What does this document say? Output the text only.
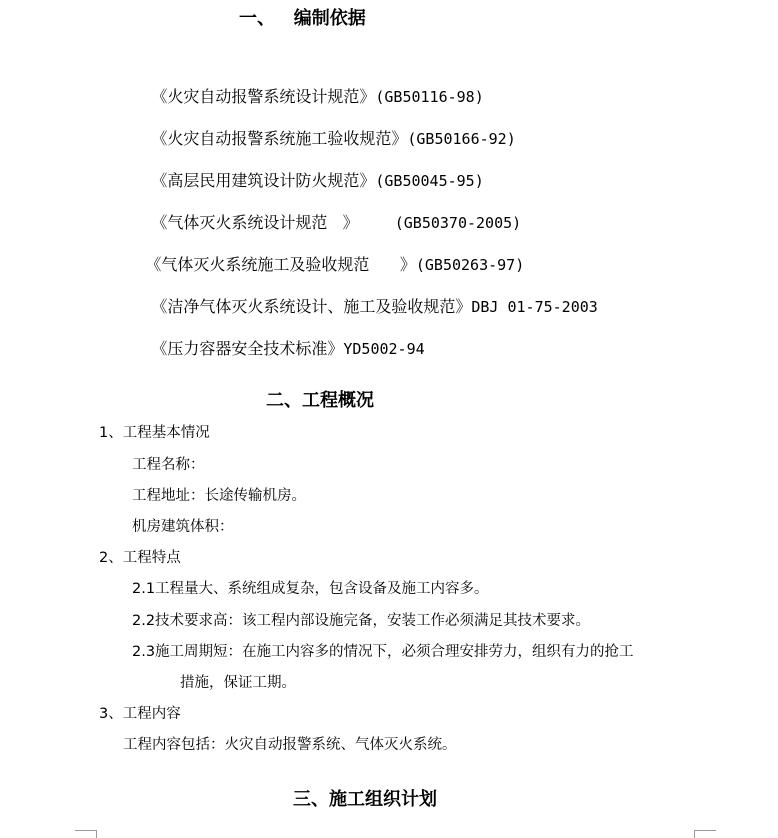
一、   编制依据

《火灾自动报警系统设计规范》(GB50116-98)

《火灾自动报警系统施工验收规范》(GB50166-92)

《高层民用建筑设计防火规范》(GB50045-95)

《气体灭火系统设计规范   》    (GB50370-2005)

《气体灭火系统施工及验收规范      》(GB50263-97)

《洁净气体灭火系统设计、施工及验收规范》DBJ 01-75-2003

《压力容器安全技术标准》YD5002-94

二、工程概况
1、工程基本情况
工程名称：
工程地址：长途传输机房。
机房建筑体积：
2、工程特点
2.1工程量大、系统组成复杂，包含设备及施工内容多。
2.2技术要求高：该工程内部设施完备，安装工作必须满足其技术要求。
2.3施工周期短：在施工内容多的情况下，必须合理安排劳力，组织有力的抢工
措施，保证工期。
3、工程内容
工程内容包括：火灾自动报警系统、气体灭火系统。
三、施工组织计划
